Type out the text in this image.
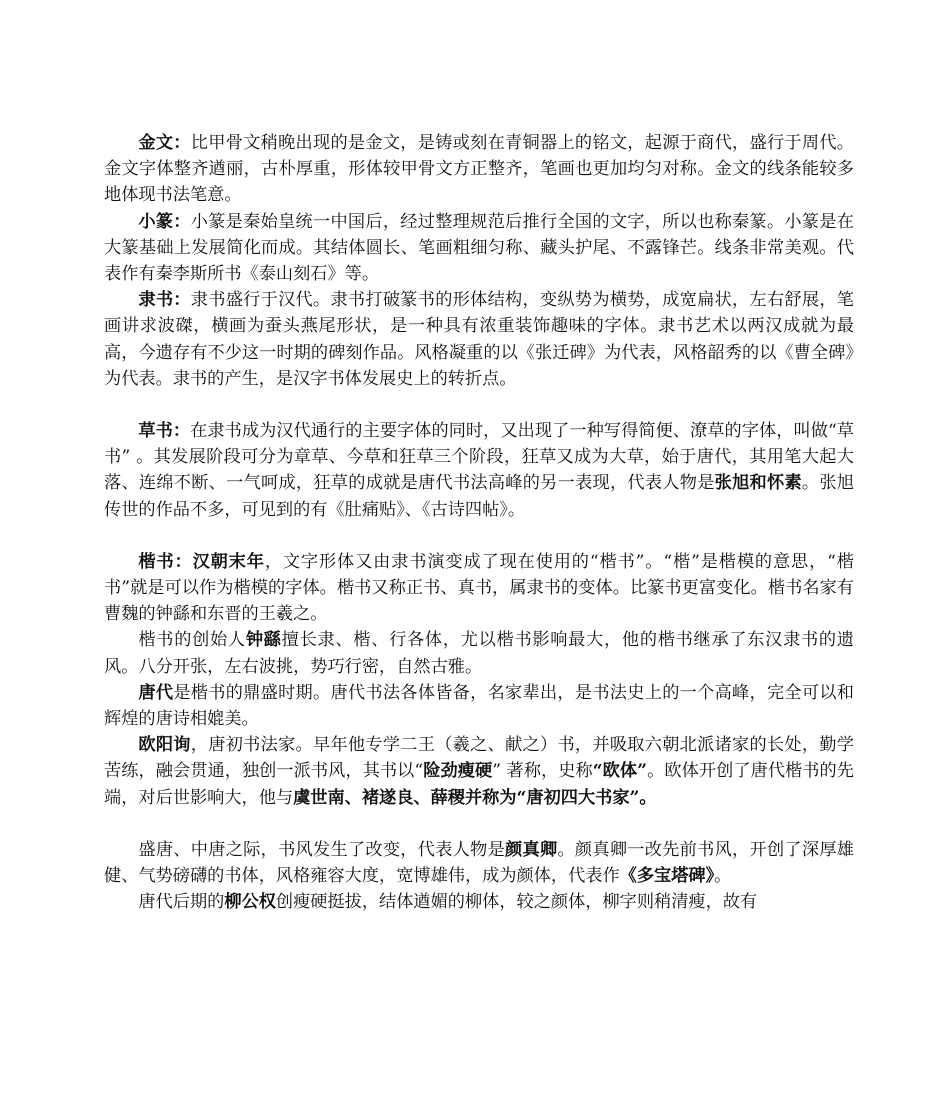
金文：比甲骨文稍晚出现的是金文，是铸或刻在青铜器上的铭文，起源于商代，盛行于周代。金文字体整齐遒丽，古朴厚重，形体较甲骨文方正整齐，笔画也更加均匀对称。金文的线条能较多地体现书法笔意。

小篆：小篆是秦始皇统一中国后，经过整理规范后推行全国的文字，所以也称秦篆。小篆是在大篆基础上发展简化而成。其结体圆长、笔画粗细匀称、藏头护尾、不露锋芒。线条非常美观。代表作有秦李斯所书《泰山刻石》等。

隶书：隶书盛行于汉代。隶书打破篆书的形体结构，变纵势为横势，成宽扁状，左右舒展，笔画讲求波磔，横画为蚕头燕尾形状，是一种具有浓重装饰趣味的字体。隶书艺术以两汉成就为最高，今遗存有不少这一时期的碑刻作品。风格凝重的以《张迁碑》为代表，风格韶秀的以《曹全碑》为代表。隶书的产生，是汉字书体发展史上的转折点。

草书：在隶书成为汉代通行的主要字体的同时，又出现了一种写得简便、潦草的字体，叫做“草书” 。其发展阶段可分为章草、今草和狂草三个阶段，狂草又成为大草，始于唐代，其用笔大起大落、连绵不断、一气呵成，狂草的成就是唐代书法高峰的另一表现，代表人物是张旭和怀素。张旭传世的作品不多，可见到的有《肚痛贴》、《古诗四帖》。

楷书：汉朝末年，文字形体又由隶书演变成了现在使用的“楷书”。“楷”是楷模的意思，“楷书”就是可以作为楷模的字体。楷书又称正书、真书，属隶书的变体。比篆书更富变化。楷书名家有曹魏的钟繇和东晋的王羲之。

楷书的创始人钟繇擅长隶、楷、行各体，尤以楷书影响最大，他的楷书继承了东汉隶书的遗风。八分开张，左右波挑，势巧行密，自然古雅。

唐代是楷书的鼎盛时期。唐代书法各体皆备，名家辈出，是书法史上的一个高峰，完全可以和辉煌的唐诗相媲美。

欧阳询，唐初书法家。早年他专学二王（羲之、献之）书，并吸取六朝北派诸家的长处，勤学苦练，融会贯通，独创一派书风，其书以“险劲瘦硬” 著称，史称“欧体”。欧体开创了唐代楷书的先端，对后世影响大，他与虞世南、褚遂良、薛稷并称为“唐初四大书家”。

盛唐、中唐之际，书风发生了改变，代表人物是颜真卿。颜真卿一改先前书风，开创了深厚雄健、气势磅礴的书体，风格雍容大度，宽博雄伟，成为颜体，代表作《多宝塔碑》。

唐代后期的柳公权创瘦硬挺拔，结体遒媚的柳体，较之颜体，柳字则稍清瘦，故有
